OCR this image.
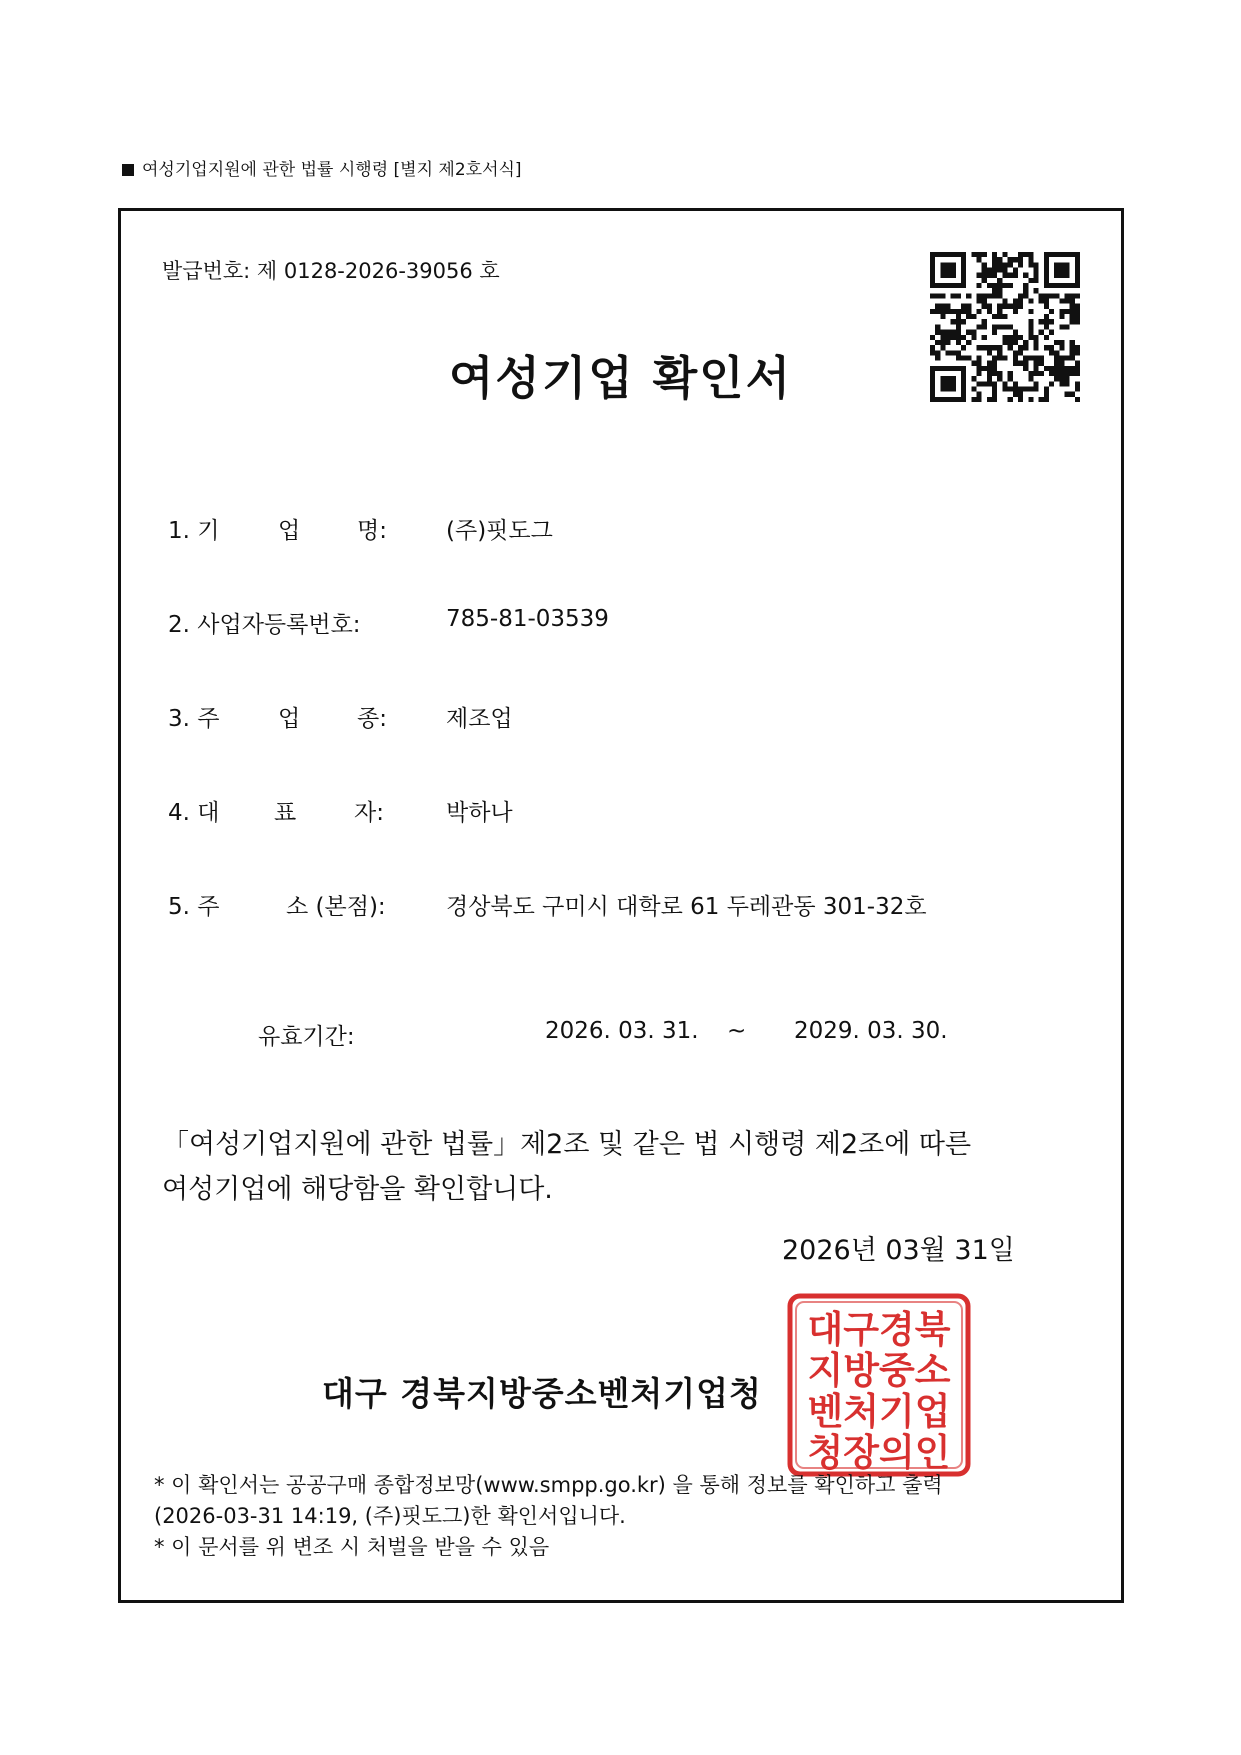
여성기업지원에 관한 법률 시행령 [별지 제2호서식]
발급번호: 제 0128-2026-39056 호
여성기업 확인서
1. 기	업 명:	(주)핏도그
2. 사업자등록번호:	785-81-03539
3. 주	업 종:	제조업
4. 대 표	자:	박하나
5. 주	소 (본점):	경상북도 구미시 대학로 61 두레관동 301-32호
유효기간:	2026. 03. 31. ~ 2029. 03. 30.
「여성기업지원에 관한 법률」제2조 및 같은 법 시행령 제2조에 따른
여성기업에 해당함을 확인합니다.
2026년 03월 31일
대구경북
지방중소
벤처기업
청장의인
대구 경북지방중소벤처기업청
* 이 확인서는 공공구매 종합정보망(www.smpp.go.kr) 을 통해 정보를 확인하고 출력
(2026-03-31 14:19, (주)핏도그)한 확인서입니다.
* 이 문서를 위 변조 시 처벌을 받을 수 있음
